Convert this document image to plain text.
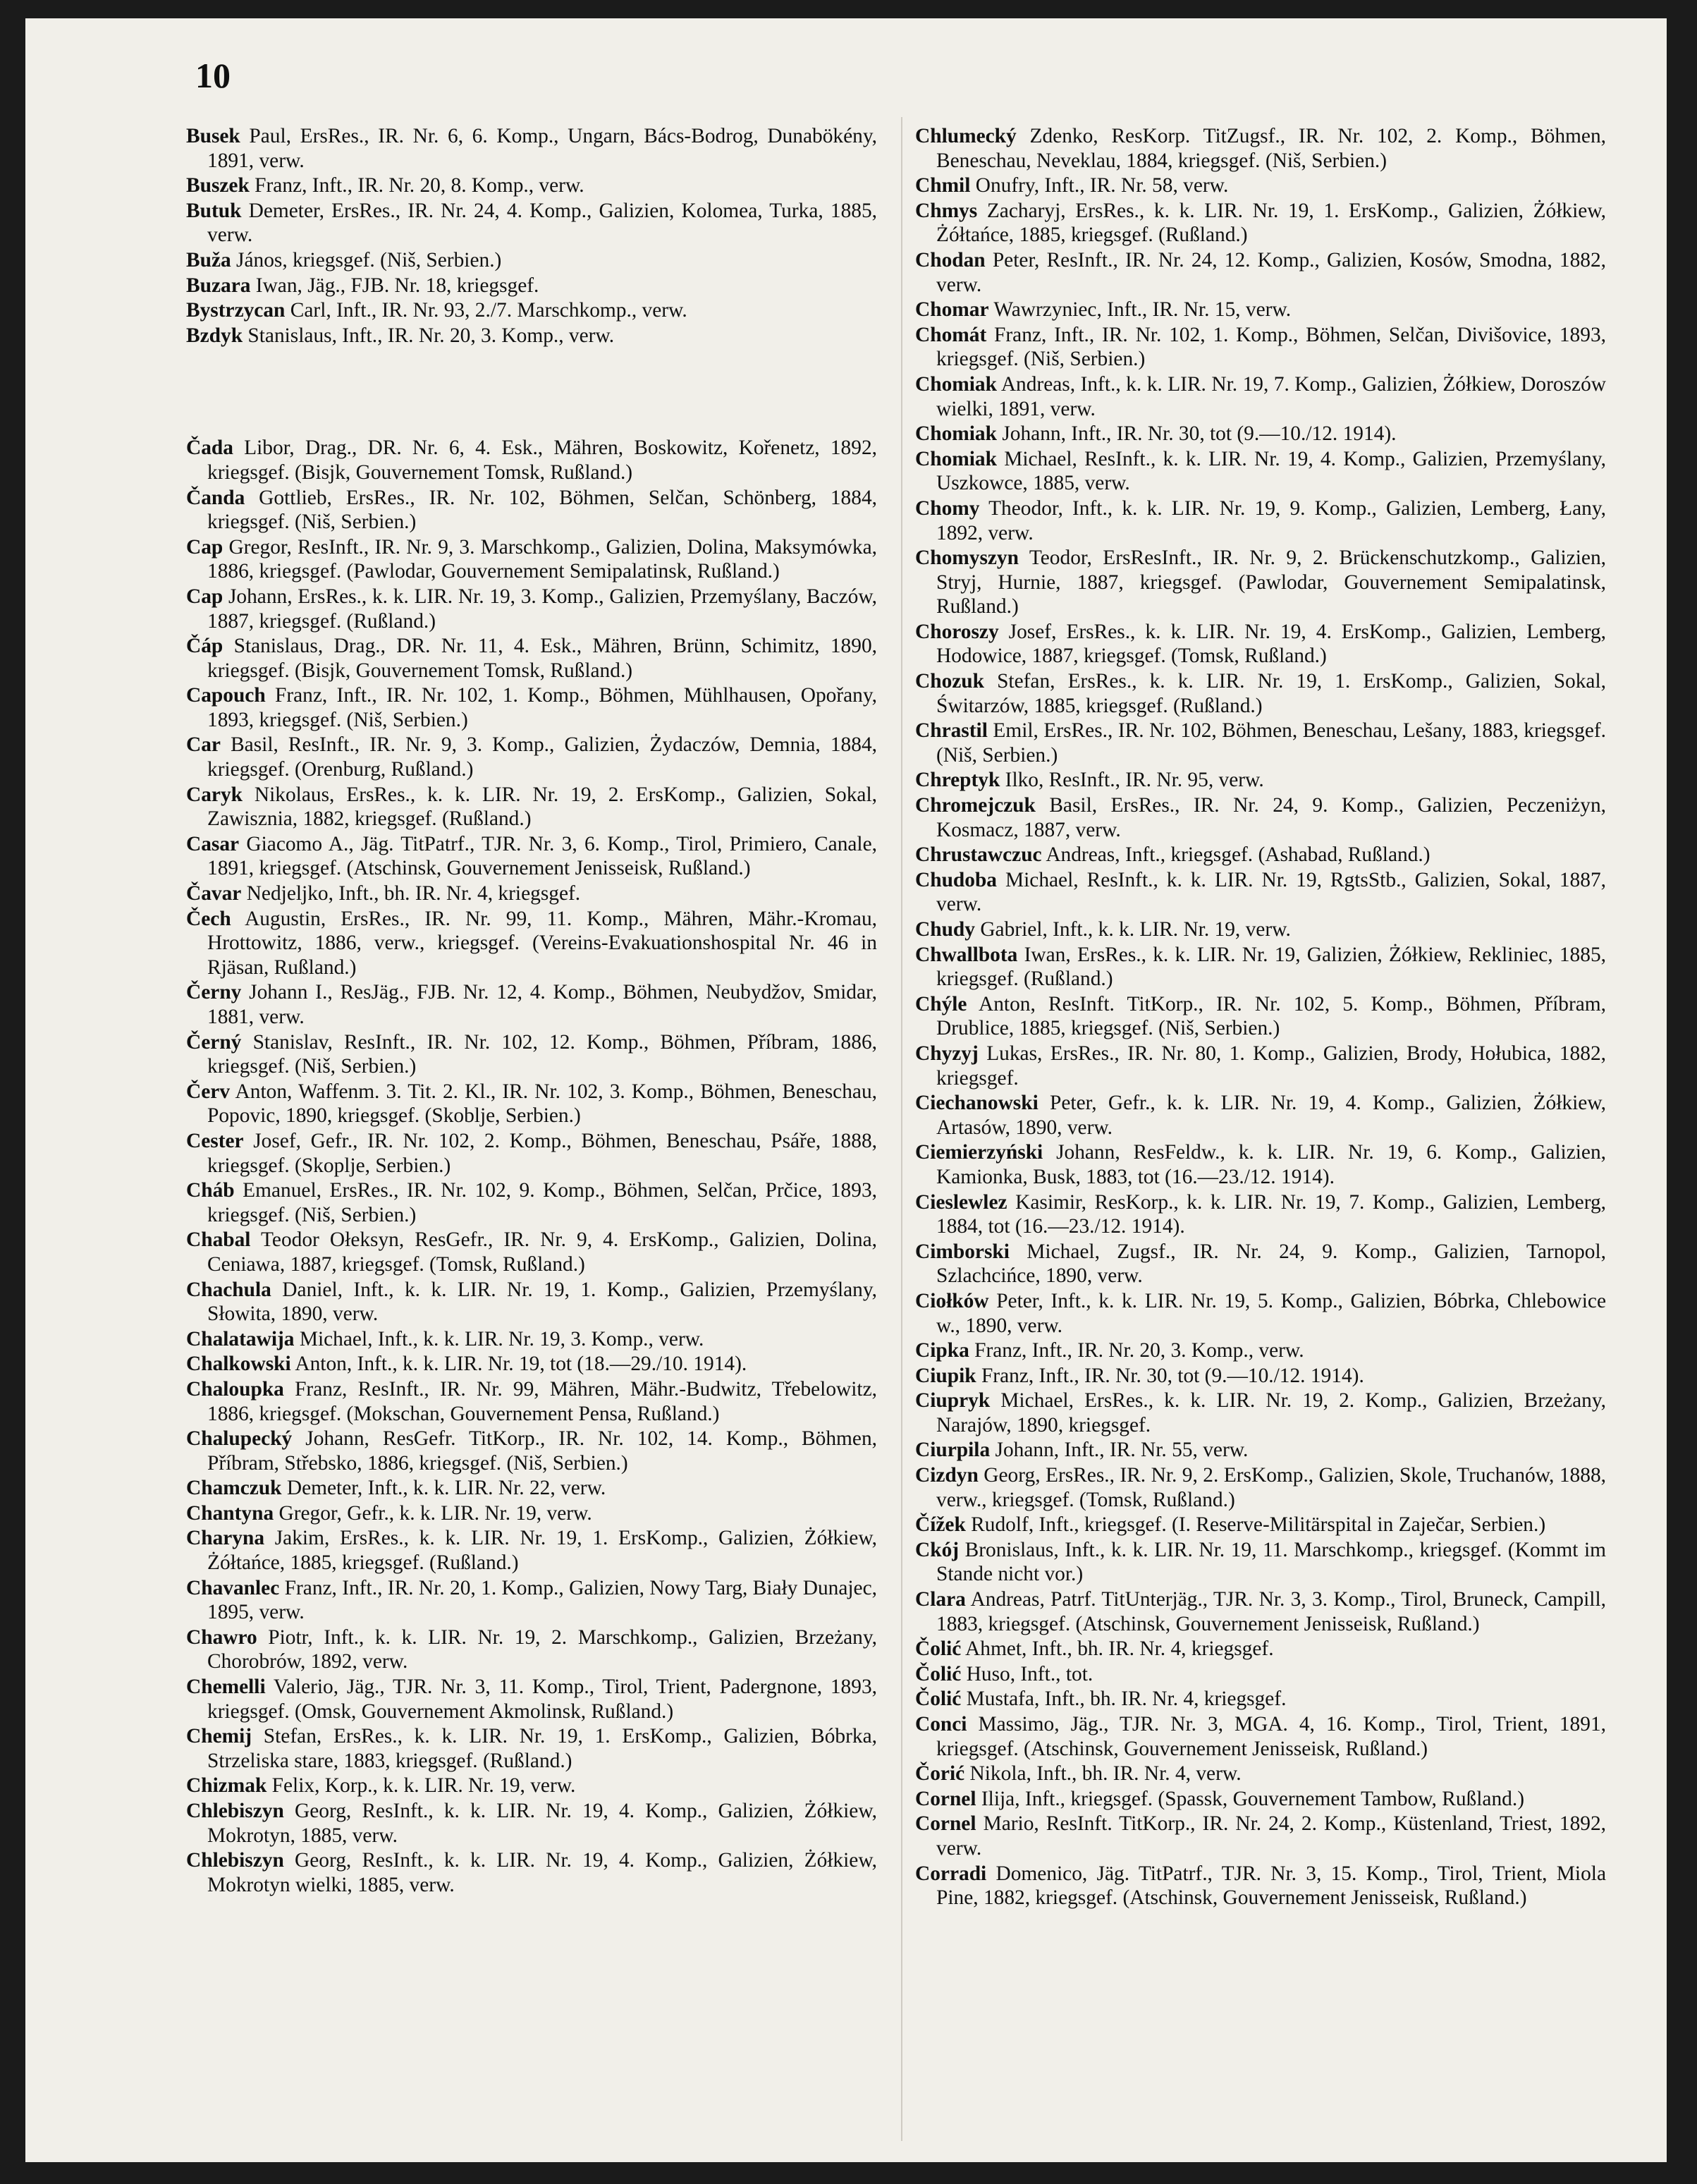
10
Busek Paul, ErsRes., IR. Nr. 6, 6. Komp., Ungarn, Bács-Bodrog, Dunabökény, 1891, verw.
Buszek Franz, Inft., IR. Nr. 20, 8. Komp., verw.
Butuk Demeter, ErsRes., IR. Nr. 24, 4. Komp., Galizien, Kolomea, Turka, 1885, verw.
Buža János, kriegsgef. (Niš, Serbien.)
Buzara Iwan, Jäg., FJB. Nr. 18, kriegsgef.
Bystrzycan Carl, Inft., IR. Nr. 93, 2./7. Marschkomp., verw.
Bzdyk Stanislaus, Inft., IR. Nr. 20, 3. Komp., verw.
Čada Libor, Drag., DR. Nr. 6, 4. Esk., Mähren, Boskowitz, Kořenetz, 1892, kriegsgef. (Bisjk, Gouvernement Tomsk, Rußland.)
Čanda Gottlieb, ErsRes., IR. Nr. 102, Böhmen, Selčan, Schönberg, 1884, kriegsgef. (Niš, Serbien.)
Cap Gregor, ResInft., IR. Nr. 9, 3. Marschkomp., Galizien, Dolina, Maksymówka, 1886, kriegsgef. (Pawlodar, Gouvernement Semipalatinsk, Rußland.)
Cap Johann, ErsRes., k. k. LIR. Nr. 19, 3. Komp., Galizien, Przemyślany, Baczów, 1887, kriegsgef. (Rußland.)
Čáp Stanislaus, Drag., DR. Nr. 11, 4. Esk., Mähren, Brünn, Schimitz, 1890, kriegsgef. (Bisjk, Gouvernement Tomsk, Rußland.)
Capouch Franz, Inft., IR. Nr. 102, 1. Komp., Böhmen, Mühlhausen, Opořany, 1893, kriegsgef. (Niš, Serbien.)
Car Basil, ResInft., IR. Nr. 9, 3. Komp., Galizien, Żydaczów, Demnia, 1884, kriegsgef. (Orenburg, Rußland.)
Caryk Nikolaus, ErsRes., k. k. LIR. Nr. 19, 2. ErsKomp., Galizien, Sokal, Zawisznia, 1882, kriegsgef. (Rußland.)
Casar Giacomo A., Jäg. TitPatrf., TJR. Nr. 3, 6. Komp., Tirol, Primiero, Canale, 1891, kriegsgef. (Atschinsk, Gouvernement Jenisseisk, Rußland.)
Čavar Nedjeljko, Inft., bh. IR. Nr. 4, kriegsgef.
Čech Augustin, ErsRes., IR. Nr. 99, 11. Komp., Mähren, Mähr.-Kromau, Hrottowitz, 1886, verw., kriegsgef. (Vereins-Evakuationshospital Nr. 46 in Rjäsan, Rußland.)
Černy Johann I., ResJäg., FJB. Nr. 12, 4. Komp., Böhmen, Neubydžov, Smidar, 1881, verw.
Černý Stanislav, ResInft., IR. Nr. 102, 12. Komp., Böhmen, Příbram, 1886, kriegsgef. (Niš, Serbien.)
Červ Anton, Waffenm. 3. Tit. 2. Kl., IR. Nr. 102, 3. Komp., Böhmen, Beneschau, Popovic, 1890, kriegsgef. (Skoblje, Serbien.)
Cester Josef, Gefr., IR. Nr. 102, 2. Komp., Böhmen, Beneschau, Psáře, 1888, kriegsgef. (Skoplje, Serbien.)
Cháb Emanuel, ErsRes., IR. Nr. 102, 9. Komp., Böhmen, Selčan, Prčice, 1893, kriegsgef. (Niš, Serbien.)
Chabal Teodor Ołeksyn, ResGefr., IR. Nr. 9, 4. ErsKomp., Galizien, Dolina, Ceniawa, 1887, kriegsgef. (Tomsk, Rußland.)
Chachula Daniel, Inft., k. k. LIR. Nr. 19, 1. Komp., Galizien, Przemyślany, Słowita, 1890, verw.
Chalatawija Michael, Inft., k. k. LIR. Nr. 19, 3. Komp., verw.
Chalkowski Anton, Inft., k. k. LIR. Nr. 19, tot (18.—29./10. 1914).
Chaloupka Franz, ResInft., IR. Nr. 99, Mähren, Mähr.-Budwitz, Třebelowitz, 1886, kriegsgef. (Mokschan, Gouvernement Pensa, Rußland.)
Chalupecký Johann, ResGefr. TitKorp., IR. Nr. 102, 14. Komp., Böhmen, Příbram, Střebsko, 1886, kriegsgef. (Niš, Serbien.)
Chamczuk Demeter, Inft., k. k. LIR. Nr. 22, verw.
Chantyna Gregor, Gefr., k. k. LIR. Nr. 19, verw.
Charyna Jakim, ErsRes., k. k. LIR. Nr. 19, 1. ErsKomp., Galizien, Żółkiew, Żółtańce, 1885, kriegsgef. (Rußland.)
Chavanlec Franz, Inft., IR. Nr. 20, 1. Komp., Galizien, Nowy Targ, Biały Dunajec, 1895, verw.
Chawro Piotr, Inft., k. k. LIR. Nr. 19, 2. Marschkomp., Galizien, Brzeżany, Chorobrów, 1892, verw.
Chemelli Valerio, Jäg., TJR. Nr. 3, 11. Komp., Tirol, Trient, Padergnone, 1893, kriegsgef. (Omsk, Gouvernement Akmolinsk, Rußland.)
Chemij Stefan, ErsRes., k. k. LIR. Nr. 19, 1. ErsKomp., Galizien, Bóbrka, Strzeliska stare, 1883, kriegsgef. (Rußland.)
Chizmak Felix, Korp., k. k. LIR. Nr. 19, verw.
Chlebiszyn Georg, ResInft., k. k. LIR. Nr. 19, 4. Komp., Galizien, Żółkiew, Mokrotyn, 1885, verw.
Chlebiszyn Georg, ResInft., k. k. LIR. Nr. 19, 4. Komp., Galizien, Żółkiew, Mokrotyn wielki, 1885, verw.
Chlumecký Zdenko, ResKorp. TitZugsf., IR. Nr. 102, 2. Komp., Böhmen, Beneschau, Neveklau, 1884, kriegsgef. (Niš, Serbien.)
Chmil Onufry, Inft., IR. Nr. 58, verw.
Chmys Zacharyj, ErsRes., k. k. LIR. Nr. 19, 1. ErsKomp., Galizien, Żółkiew, Żółtańce, 1885, kriegsgef. (Rußland.)
Chodan Peter, ResInft., IR. Nr. 24, 12. Komp., Galizien, Kosów, Smodna, 1882, verw.
Chomar Wawrzyniec, Inft., IR. Nr. 15, verw.
Chomát Franz, Inft., IR. Nr. 102, 1. Komp., Böhmen, Selčan, Divišovice, 1893, kriegsgef. (Niš, Serbien.)
Chomiak Andreas, Inft., k. k. LIR. Nr. 19, 7. Komp., Galizien, Żółkiew, Doroszów wielki, 1891, verw.
Chomiak Johann, Inft., IR. Nr. 30, tot (9.—10./12. 1914).
Chomiak Michael, ResInft., k. k. LIR. Nr. 19, 4. Komp., Galizien, Przemyślany, Uszkowce, 1885, verw.
Chomy Theodor, Inft., k. k. LIR. Nr. 19, 9. Komp., Galizien, Lemberg, Łany, 1892, verw.
Chomyszyn Teodor, ErsResInft., IR. Nr. 9, 2. Brückenschutzkomp., Galizien, Stryj, Hurnie, 1887, kriegsgef. (Pawlodar, Gouvernement Semipalatinsk, Rußland.)
Choroszy Josef, ErsRes., k. k. LIR. Nr. 19, 4. ErsKomp., Galizien, Lemberg, Hodowice, 1887, kriegsgef. (Tomsk, Rußland.)
Chozuk Stefan, ErsRes., k. k. LIR. Nr. 19, 1. ErsKomp., Galizien, Sokal, Świtarzów, 1885, kriegsgef. (Rußland.)
Chrastil Emil, ErsRes., IR. Nr. 102, Böhmen, Beneschau, Lešany, 1883, kriegsgef. (Niš, Serbien.)
Chreptyk Ilko, ResInft., IR. Nr. 95, verw.
Chromejczuk Basil, ErsRes., IR. Nr. 24, 9. Komp., Galizien, Peczeniżyn, Kosmacz, 1887, verw.
Chrustawczuc Andreas, Inft., kriegsgef. (Ashabad, Rußland.)
Chudoba Michael, ResInft., k. k. LIR. Nr. 19, RgtsStb., Galizien, Sokal, 1887, verw.
Chudy Gabriel, Inft., k. k. LIR. Nr. 19, verw.
Chwallbota Iwan, ErsRes., k. k. LIR. Nr. 19, Galizien, Żółkiew, Rekliniec, 1885, kriegsgef. (Rußland.)
Chýle Anton, ResInft. TitKorp., IR. Nr. 102, 5. Komp., Böhmen, Příbram, Drublice, 1885, kriegsgef. (Niš, Serbien.)
Chyzyj Lukas, ErsRes., IR. Nr. 80, 1. Komp., Galizien, Brody, Hołubica, 1882, kriegsgef.
Ciechanowski Peter, Gefr., k. k. LIR. Nr. 19, 4. Komp., Galizien, Żółkiew, Artasów, 1890, verw.
Ciemierzyński Johann, ResFeldw., k. k. LIR. Nr. 19, 6. Komp., Galizien, Kamionka, Busk, 1883, tot (16.—23./12. 1914).
Cieslewlez Kasimir, ResKorp., k. k. LIR. Nr. 19, 7. Komp., Galizien, Lemberg, 1884, tot (16.—23./12. 1914).
Cimborski Michael, Zugsf., IR. Nr. 24, 9. Komp., Galizien, Tarnopol, Szlachcińce, 1890, verw.
Ciołków Peter, Inft., k. k. LIR. Nr. 19, 5. Komp., Galizien, Bóbrka, Chlebowice w., 1890, verw.
Cipka Franz, Inft., IR. Nr. 20, 3. Komp., verw.
Ciupik Franz, Inft., IR. Nr. 30, tot (9.—10./12. 1914).
Ciupryk Michael, ErsRes., k. k. LIR. Nr. 19, 2. Komp., Galizien, Brzeżany, Narajów, 1890, kriegsgef.
Ciurpila Johann, Inft., IR. Nr. 55, verw.
Cizdyn Georg, ErsRes., IR. Nr. 9, 2. ErsKomp., Galizien, Skole, Truchanów, 1888, verw., kriegsgef. (Tomsk, Rußland.)
Čížek Rudolf, Inft., kriegsgef. (I. Reserve-Militärspital in Zaječar, Serbien.)
Ckój Bronislaus, Inft., k. k. LIR. Nr. 19, 11. Marschkomp., kriegsgef. (Kommt im Stande nicht vor.)
Clara Andreas, Patrf. TitUnterjäg., TJR. Nr. 3, 3. Komp., Tirol, Bruneck, Campill, 1883, kriegsgef. (Atschinsk, Gouvernement Jenisseisk, Rußland.)
Čolić Ahmet, Inft., bh. IR. Nr. 4, kriegsgef.
Čolić Huso, Inft., tot.
Čolić Mustafa, Inft., bh. IR. Nr. 4, kriegsgef.
Conci Massimo, Jäg., TJR. Nr. 3, MGA. 4, 16. Komp., Tirol, Trient, 1891, kriegsgef. (Atschinsk, Gouvernement Jenisseisk, Rußland.)
Čorić Nikola, Inft., bh. IR. Nr. 4, verw.
Cornel Ilija, Inft., kriegsgef. (Spassk, Gouvernement Tambow, Rußland.)
Cornel Mario, ResInft. TitKorp., IR. Nr. 24, 2. Komp., Küstenland, Triest, 1892, verw.
Corradi Domenico, Jäg. TitPatrf., TJR. Nr. 3, 15. Komp., Tirol, Trient, Miola Pine, 1882, kriegsgef. (Atschinsk, Gouvernement Jenisseisk, Rußland.)
